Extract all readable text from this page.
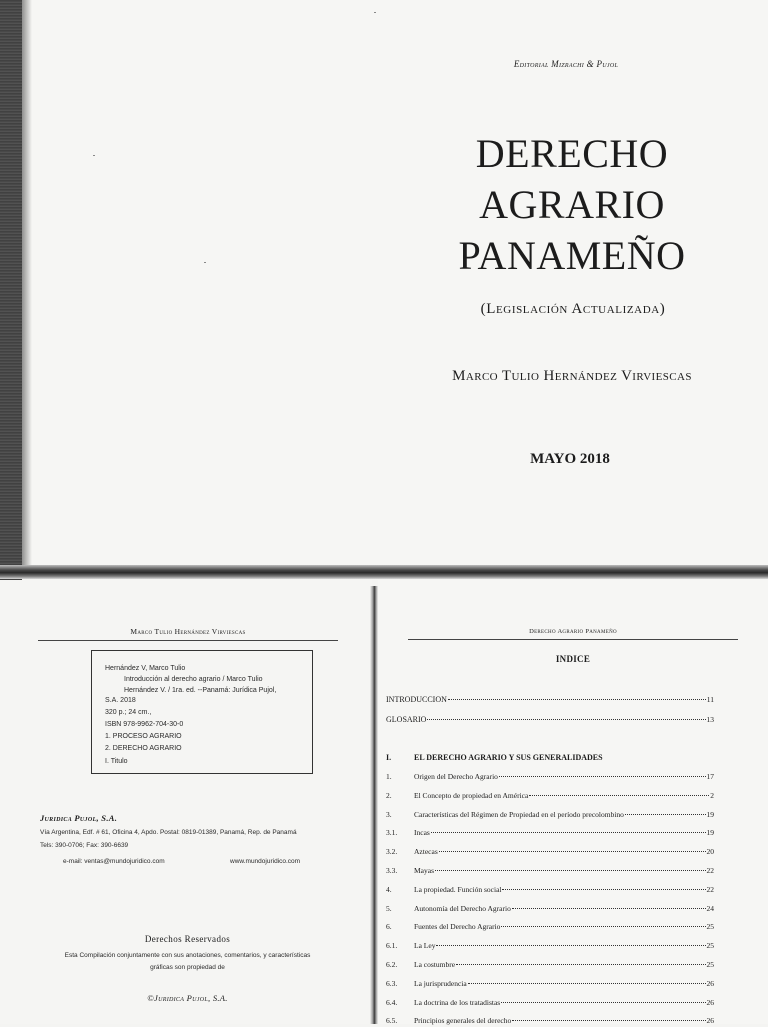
Editorial Mizrachi & Pujol
DERECHO
AGRARIO
PANAMEÑO
(Legislación Actualizada)
Marco Tulio Hernández Virviescas
MAYO 2018
Marco Tulio Hernández Virviescas
Hernández V, Marco Tulio
Introducción al derecho agrario / Marco Tulio
Hernández V. / 1ra. ed. --Panamá: Jurídica Pujol,
S.A. 2018
320 p.; 24 cm.,
ISBN 978-9962-704-30-0
1. PROCESO AGRARIO
2. DERECHO AGRARIO
I. Titulo
Juridica Pujol, S.A.
Vía Argentina, Edf. # 61, Oficina 4, Apdo. Postal: 0819-01389, Panamá, Rep. de Panamá
Tels: 390-0706; Fax: 390-6639
e-mail: ventas@mundojuridico.com	www.mundojuridico.com
Derechos Reservados
Esta Compilación conjuntamente con sus anotaciones, comentarios, y características
gráficas son propiedad de
©Juridica Pujol, S.A.
Derecho Agrario Panameño
INDICE
INTRODUCCION	11
GLOSARIO	13
I.	EL DERECHO AGRARIO Y SUS GENERALIDADES
1.	Origen del Derecho Agrario	17
2.	El Concepto de propiedad en América	2
3.	Características del Régimen de Propiedad en el período precolombino	19
3.1.	Incas	19
3.2.	Aztecas	20
3.3.	Mayas	22
4.	La propiedad. Función social	22
5.	Autonomía del Derecho Agrario	24
6.	Fuentes del Derecho Agrario	25
6.1.	La Ley	25
6.2.	La costumbre	25
6.3.	La jurisprudencia	26
6.4.	La doctrina de los tratadistas	26
6.5.	Principios generales del derecho	26
